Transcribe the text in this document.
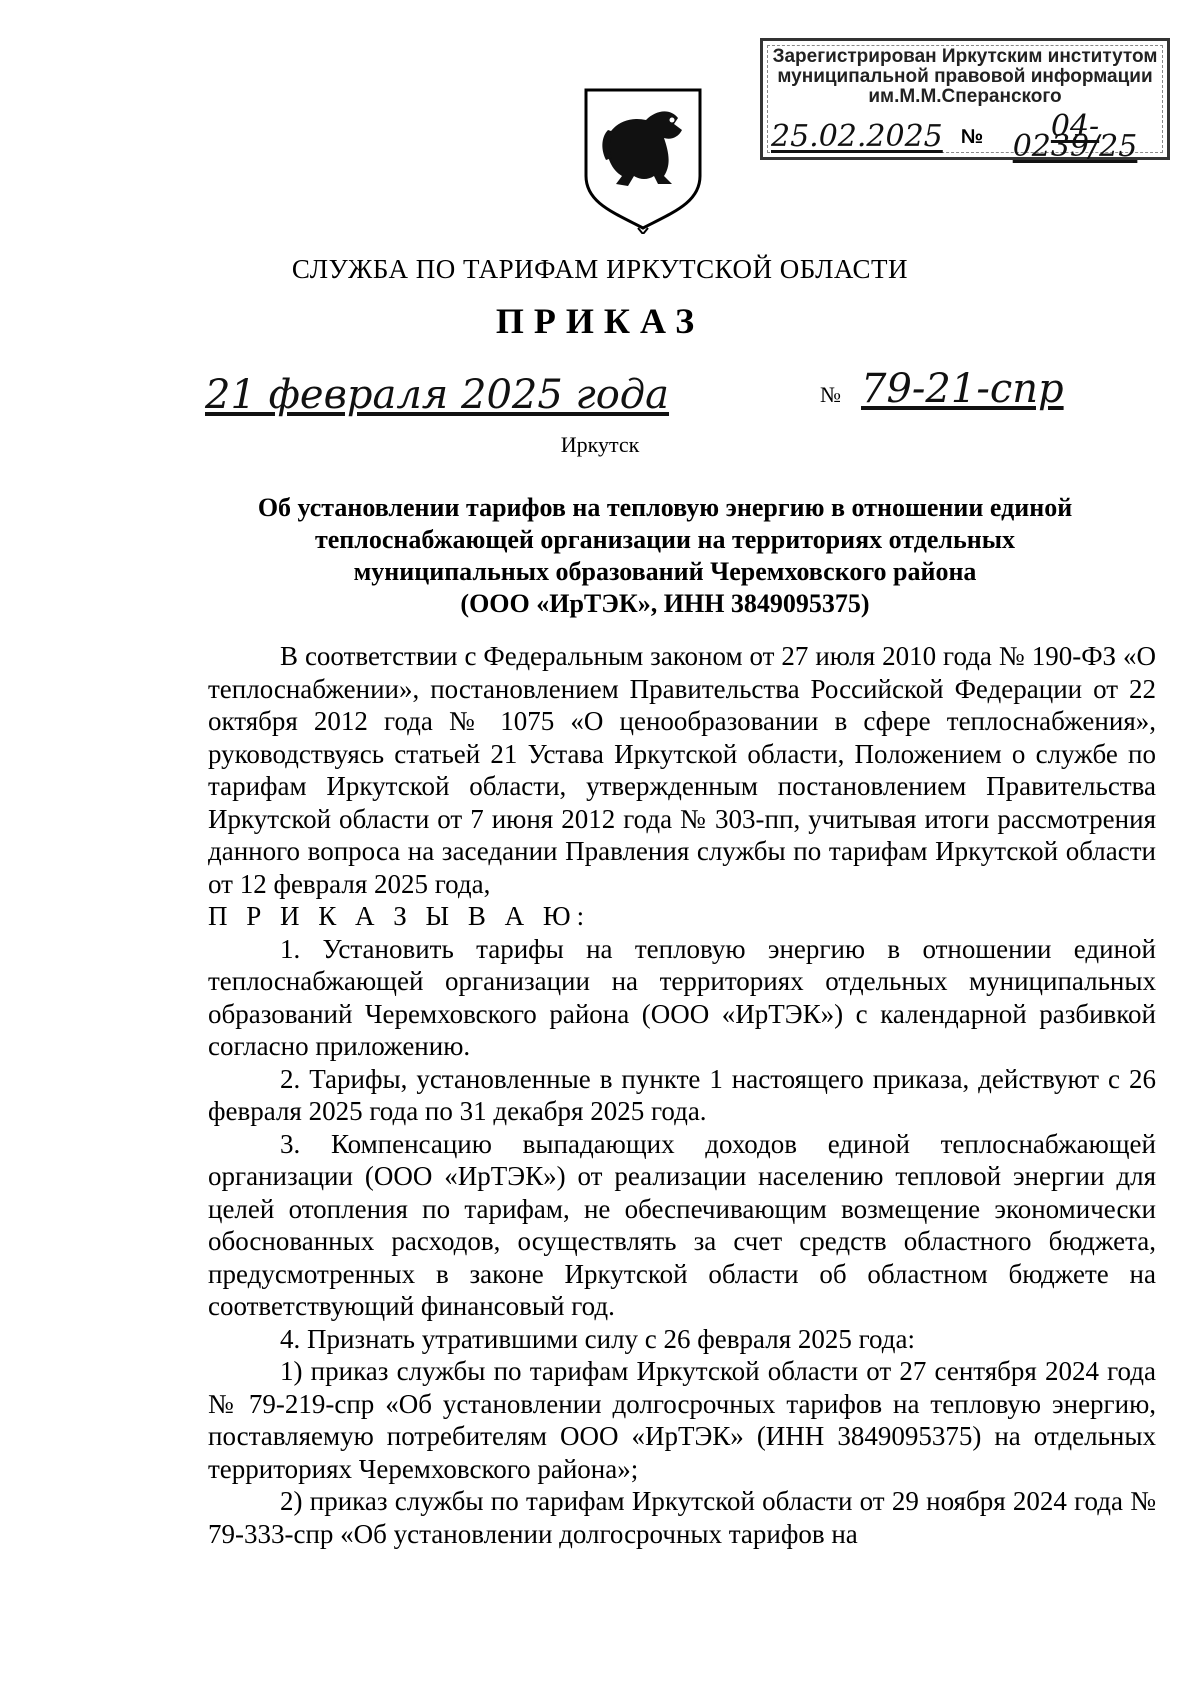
Зарегистрирован Иркутским институтом
муниципальной правовой информации
им.М.М.Сперанского
25.02.2025 №	04-0239/25
СЛУЖБА ПО ТАРИФАМ ИРКУТСКОЙ ОБЛАСТИ
ПРИКАЗ
21 февраля 2025 года	№ 79-21-спр
Иркутск
Об установлении тарифов на тепловую энергию в отношении единой
теплоснабжающей организации на территориях отдельных
муниципальных образований Черемховского района
(ООО «ИрТЭК», ИНН 3849095375)

В соответствии с Федеральным законом от 27 июля 2010 года № 190-ФЗ «О теплоснабжении», постановлением Правительства Российской Федерации от 22 октября 2012 года № 1075 «О ценообразовании в сфере теплоснабжения», руководствуясь статьей 21 Устава Иркутской области, Положением о службе по тарифам Иркутской области, утвержденным постановлением Правительства Иркутской области от 7 июня 2012 года № 303-пп, учитывая итоги рассмотрения данного вопроса на заседании Правления службы по тарифам Иркутской области от 12 февраля 2025 года,

П Р И К А З Ы В А Ю:

1. Установить тарифы на тепловую энергию в отношении единой теплоснабжающей организации на территориях отдельных муниципальных образований Черемховского района (ООО «ИрТЭК») с календарной разбивкой согласно приложению.

2. Тарифы, установленные в пункте 1 настоящего приказа, действуют с 26 февраля 2025 года по 31 декабря 2025 года.

3. Компенсацию выпадающих доходов единой теплоснабжающей организации (ООО «ИрТЭК») от реализации населению тепловой энергии для целей отопления по тарифам, не обеспечивающим возмещение экономически обоснованных расходов, осуществлять за счет средств областного бюджета, предусмотренных в законе Иркутской области об областном бюджете на соответствующий финансовый год.

4. Признать утратившими силу с 26 февраля 2025 года:

1) приказ службы по тарифам Иркутской области от 27 сентября 2024 года № 79-219-спр «Об установлении долгосрочных тарифов на тепловую энергию, поставляемую потребителям ООО «ИрТЭК» (ИНН 3849095375) на отдельных территориях Черемховского района»;

2) приказ службы по тарифам Иркутской области от 29 ноября 2024 года № 79-333-спр «Об установлении долгосрочных тарифов на
